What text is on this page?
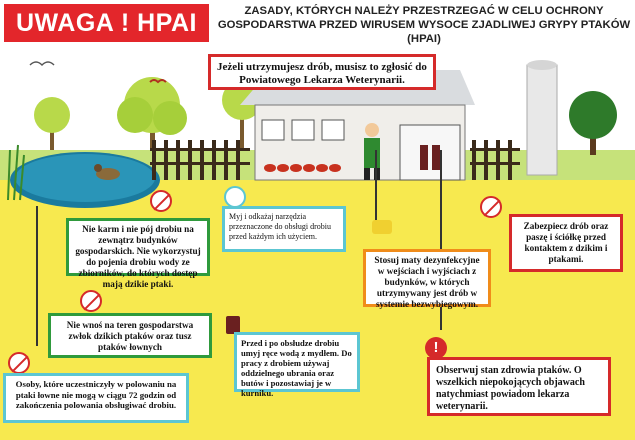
UWAGA ! HPAI	ZASADY, KTÓRYCH NALEŻY PRZESTRZEGAĆ W CELU OCHRONY GOSPODARSTWA PRZED WIRUSEM WYSOCE ZJADLIWEJ GRYPY PTAKÓW (HPAI)
Jeżeli utrzymujesz drób, musisz to zgłosić do Powiatowego Lekarza Weterynarii.
!
Nie karm i nie pój drobiu na zewnątrz budynków gospodarskich. Nie wykorzystuj do pojenia drobiu wody ze zbiorników, do których dostęp mają dzikie ptaki.
Myj i odkażaj narzędzia przeznaczone do obsługi drobiu przed każdym ich użyciem.
Stosuj maty dezynfekcyjne w wejściach i wyjściach z budynków, w których utrzymywany jest drób w systemie bezwybiegowym.
Zabezpiecz drób oraz paszę i ściółkę przed kontaktem z dzikim i ptakami.
Nie wnoś na teren gospodarstwa zwłok dzikich ptaków oraz tusz ptaków łownych	Przed i po obsłudze drobiu umyj ręce wodą z mydłem. Do pracy z drobiem używaj oddzielnego ubrania oraz butów i pozostawiaj je w kurniku.
Osoby, które uczestniczyły w polowaniu na ptaki łowne nie mogą w ciągu 72 godzin od zakończenia polowania obsługiwać drobiu.
Obserwuj stan zdrowia ptaków. O wszelkich niepokojących objawach natychmiast powiadom lekarza weterynarii.
